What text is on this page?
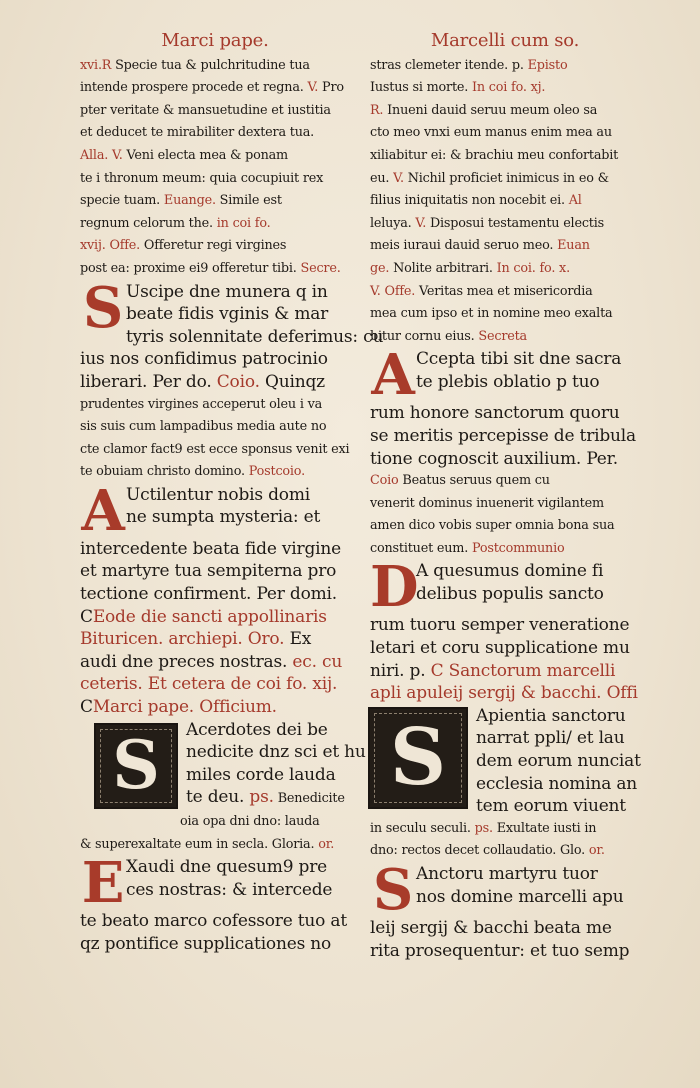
Marci pape.

xvi.R Specie tua & pulchritudine tua

intende prospere procede et regna. V. Pro

pter veritate & mansuetudine et iustitia

et deducet te mirabiliter dextera tua.

Alla. V. Veni electa mea & ponam

te i thronum meum: quia cocupiuit rex

specie tuam. Euange. Simile est

regnum celorum the. in coi fo.

xvij. Offe. Offeretur regi virgines

post ea: proxime ei9 offeretur tibi. Secre.

S Uscipe dne munera q in

beate fidis vginis & mar

tyris solennitate deferimus: cu

ius nos confidimus patrocinio

liberari. Per do. Coio. Quinqz

prudentes virgines acceperut oleu i va

sis suis cum lampadibus media aute no

cte clamor fact9 est ecce sponsus venit exi

te obuiam christo domino. Postcoio.

A Uctilentur nobis domi

ne sumpta mysteria: et

intercedente beata fide virgine

et martyre tua sempiterna pro

tectione confirment. Per domi.

CEode die sancti appollinaris

Bituricen. archiepi. Oro. Ex

audi dne preces nostras. ec. cu

ceteris. Et cetera de coi fo. xij.

CMarci pape. Officium.

S	Acerdotes dei be

nedicite dnz sci et hu

miles corde lauda

te deu. ps. Benedicite

oia opa dni dno: lauda

& superexaltate eum in secla. Gloria. or.

E Xaudi dne quesum9 pre

ces nostras: & intercede

te beato marco cofessore tuo at

qz pontifice supplicationes no

Marcelli cum so.

stras clemeter itende. p. Episto

Iustus si morte. In coi fo. xj.

R. Inueni dauid seruu meum oleo sa

cto meo vnxi eum manus enim mea au

xiliabitur ei: & brachiu meu confortabit

eu. V. Nichil proficiet inimicus in eo &

filius iniquitatis non nocebit ei. Al

leluya. V. Disposui testamentu electis

meis iuraui dauid seruo meo. Euan

ge. Nolite arbitrari. In coi. fo. x.

V. Offe. Veritas mea et misericordia

mea cum ipso et in nomine meo exalta

bitur cornu eius. Secreta

A Ccepta tibi sit dne sacra

te plebis oblatio p tuo

rum honore sanctorum quoru

se meritis percepisse de tribula

tione cognoscit auxilium. Per.

Coio Beatus seruus quem cu

venerit dominus inuenerit vigilantem

amen dico vobis super omnia bona sua

constituet eum. Postcommunio

D

A quesumus domine fi

delibus populis sancto

rum tuoru semper veneratione

letari et coru supplicatione mu

niri. p. C Sanctorum marcelli

apli apuleij sergij & bacchi. Offi

S	Apientia sanctoru

narrat ppli/ et lau

dem eorum nunciat

ecclesia nomina an

tem eorum viuent

in seculu seculi. ps. Exultate iusti in

dno: rectos decet collaudatio. Glo. or.

S Anctoru martyru tuor

nos domine marcelli apu

leij sergij & bacchi beata me

rita prosequentur: et tuo semp
